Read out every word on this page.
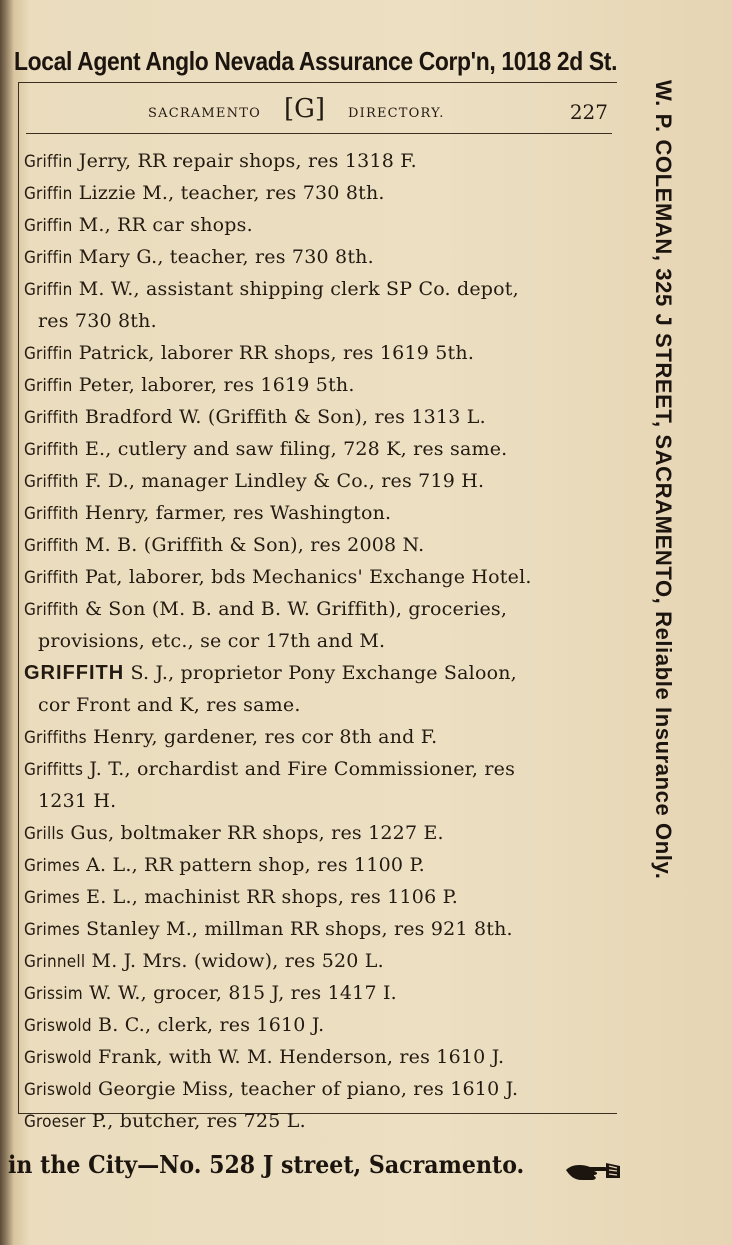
Local Agent Anglo Nevada Assurance Corp'n, 1018 2d St.
SACRAMENTO [G] DIRECTORY.	227
Griffin Jerry, RR repair shops, res 1318 F.
Griffin Lizzie M., teacher, res 730 8th.
Griffin M., RR car shops.
Griffin Mary G., teacher, res 730 8th.
Griffin M. W., assistant shipping clerk SP Co. depot,
res 730 8th.
Griffin Patrick, laborer RR shops, res 1619 5th.
Griffin Peter, laborer, res 1619 5th.
Griffith Bradford W. (Griffith & Son), res 1313 L.
Griffith E., cutlery and saw filing, 728 K, res same.
Griffith F. D., manager Lindley & Co., res 719 H.
Griffith Henry, farmer, res Washington.
Griffith M. B. (Griffith & Son), res 2008 N.
Griffith Pat, laborer, bds Mechanics' Exchange Hotel.
Griffith & Son (M. B. and B. W. Griffith), groceries,
provisions, etc., se cor 17th and M.
GRIFFITH S. J., proprietor Pony Exchange Saloon,
cor Front and K, res same.
Griffiths Henry, gardener, res cor 8th and F.
Griffitts J. T., orchardist and Fire Commissioner, res
1231 H.
Grills Gus, boltmaker RR shops, res 1227 E.
Grimes A. L., RR pattern shop, res 1100 P.
Grimes E. L., machinist RR shops, res 1106 P.
Grimes Stanley M., millman RR shops, res 921 8th.
Grinnell M. J. Mrs. (widow), res 520 L.
Grissim W. W., grocer, 815 J, res 1417 I.
Griswold B. C., clerk, res 1610 J.
Griswold Frank, with W. M. Henderson, res 1610 J.
Griswold Georgie Miss, teacher of piano, res 1610 J.
Groeser P., butcher, res 725 L.
W. P. COLEMAN, 325 J STREET, SACRAMENTO, Reliable Insurance Only.
in the City—No. 528 J street, Sacramento.
